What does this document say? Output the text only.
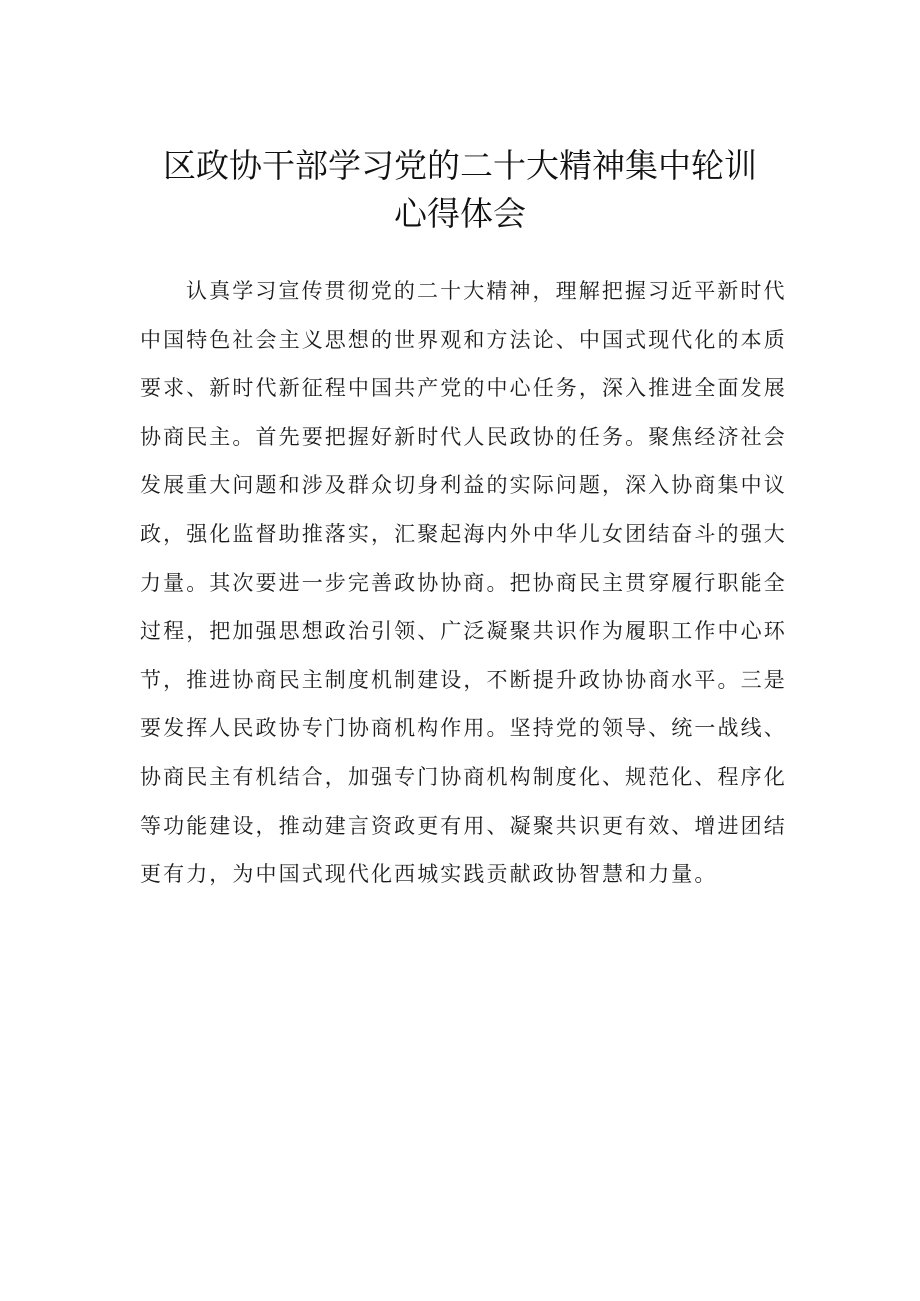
区政协干部学习党的二十大精神集中轮训
心得体会
认真学习宣传贯彻党的二十大精神，理解把握习近平新时代
中国特色社会主义思想的世界观和方法论、中国式现代化的本质
要求、新时代新征程中国共产党的中心任务，深入推进全面发展
协商民主。首先要把握好新时代人民政协的任务。聚焦经济社会
发展重大问题和涉及群众切身利益的实际问题，深入协商集中议
政，强化监督助推落实，汇聚起海内外中华儿女团结奋斗的强大
力量。其次要进一步完善政协协商。把协商民主贯穿履行职能全
过程，把加强思想政治引领、广泛凝聚共识作为履职工作中心环
节，推进协商民主制度机制建设，不断提升政协协商水平。三是
要发挥人民政协专门协商机构作用。坚持党的领导、统一战线、
协商民主有机结合，加强专门协商机构制度化、规范化、程序化
等功能建设，推动建言资政更有用、凝聚共识更有效、增进团结
更有力，为中国式现代化西城实践贡献政协智慧和力量。
